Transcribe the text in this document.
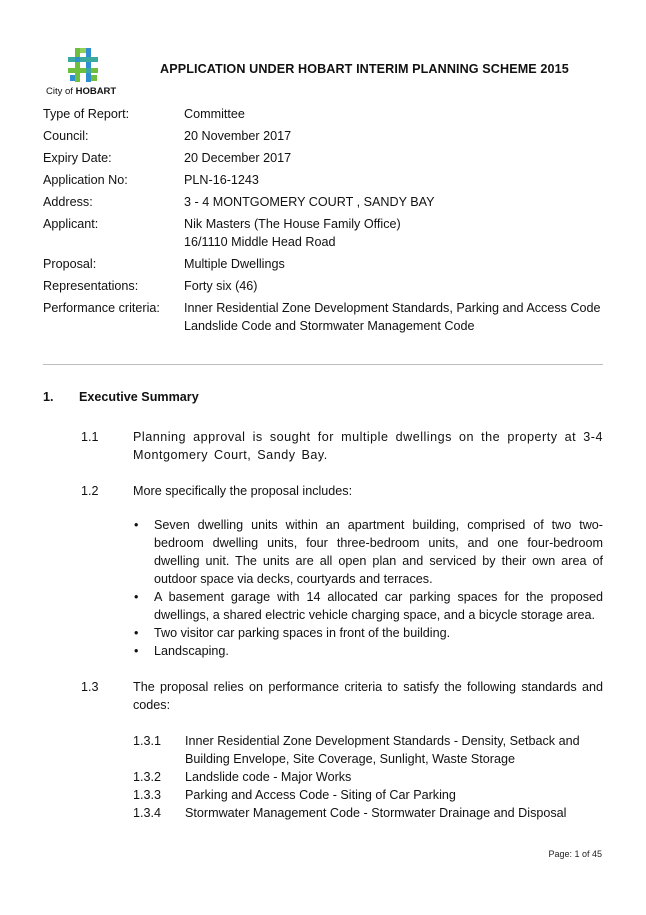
City of HOBART
APPLICATION UNDER HOBART INTERIM PLANNING SCHEME 2015
Type of Report:	Committee
Council:	20 November 2017
Expiry Date:	20 December 2017
Application No:	PLN-16-1243
Address:	3 - 4 MONTGOMERY COURT , SANDY BAY
Applicant:	Nik Masters (The House Family Office)
16/1110 Middle Head Road
Proposal:	Multiple Dwellings
Representations:	Forty six (46)
Performance criteria:	Inner Residential Zone Development Standards, Parking and Access Code
Landslide Code and Stormwater Management Code
1. Executive Summary
1.1	Planning approval is sought for multiple dwellings on the property at 3-4 Montgomery Court, Sandy Bay.
1.2	More specifically the proposal includes:
• Seven dwelling units within an apartment building, comprised of two two-bedroom dwelling units, four three-bedroom units, and one four-bedroom dwelling unit. The units are all open plan and serviced by their own area of outdoor space via decks, courtyards and terraces.
• A basement garage with 14 allocated car parking spaces for the proposed dwellings, a shared electric vehicle charging space, and a bicycle storage area.
• Two visitor car parking spaces in front of the building.
• Landscaping.
1.3	The proposal relies on performance criteria to satisfy the following standards and codes:
1.3.1 Inner Residential Zone Development Standards - Density, Setback and Building Envelope, Site Coverage, Sunlight, Waste Storage
1.3.2 Landslide code - Major Works
1.3.3 Parking and Access Code - Siting of Car Parking
1.3.4 Stormwater Management Code - Stormwater Drainage and Disposal
Page: 1 of 45
